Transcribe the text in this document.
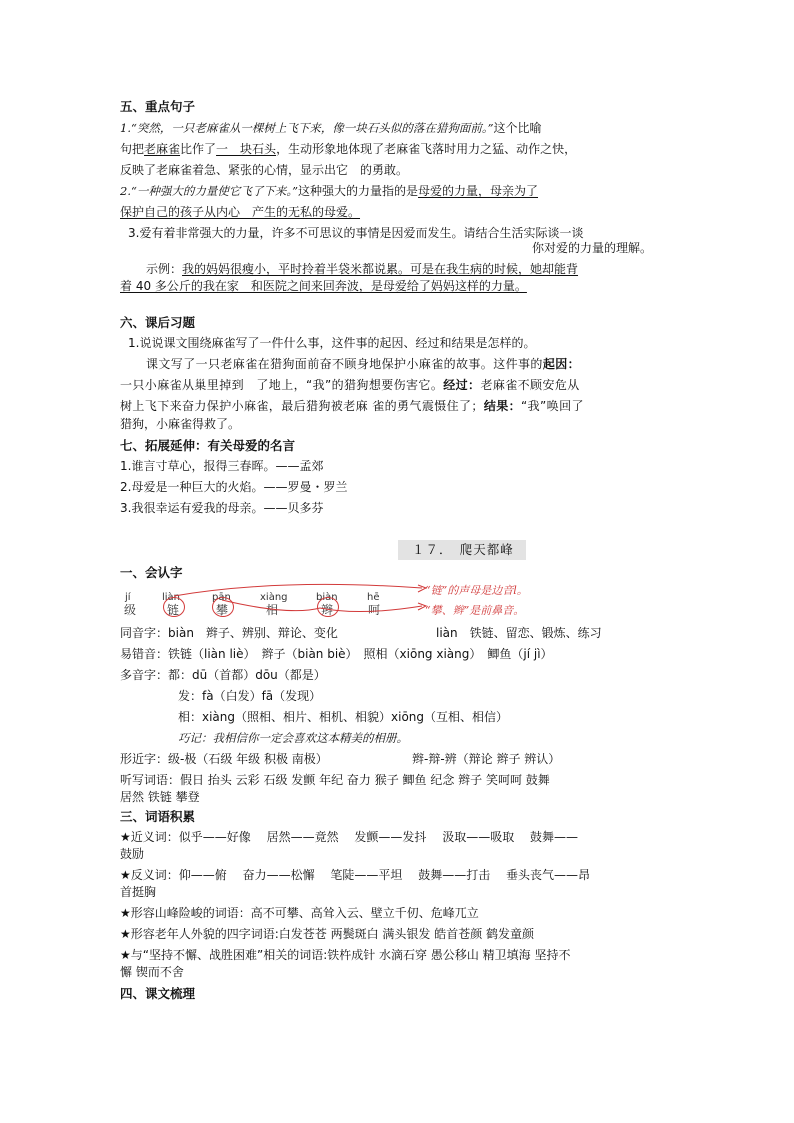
五、重点句子
1.“突然，一只老麻雀从一棵树上飞下来，像一块石头似的落在猎狗面前。”这个比喻
句把老麻雀比作了一　块石头，生动形象地体现了老麻雀飞落时用力之猛、动作之快，
反映了老麻雀着急、紧张的心情，显示出它　的勇敢。
2.“一种强大的力量使它飞了下来。”这种强大的力量指的是母爱的力量，母亲为了
保护自己的孩子从内心　产生的无私的母爱。
3.爱有着非常强大的力量，许多不可思议的事情是因爱而发生。请结合生活实际谈一谈
你对爱的力量的理解。
示例：我的妈妈很瘦小，平时拎着半袋米都说累。可是在我生病的时候，她却能背
着 40 多公斤的我在家　和医院之间来回奔波，是母爱给了妈妈这样的力量。
六、课后习题
1.说说课文围绕麻雀写了一件什么事，这件事的起因、经过和结果是怎样的。
课文写了一只老麻雀在猎狗面前奋不顾身地保护小麻雀的故事。这件事的起因：
一只小麻雀从巢里掉到　了地上，“我”的猎狗想要伤害它。经过：老麻雀不顾安危从
树上飞下来奋力保护小麻雀，最后猎狗被老麻 雀的勇气震慑住了；结果：“我”唤回了
猎狗，小麻雀得救了。
七、拓展延伸：有关母爱的名言
1.谁言寸草心，报得三春晖。——孟郊
2.母爱是一种巨大的火焰。——罗曼・罗兰
3.我很幸运有爱我的母亲。——贝多芬
１７．　爬天都峰
一、会认字
jí	liàn	pān	xiàng	biàn	hē
级	链	攀	相	辫	呵
“链”的声母是边音l。
“攀、辫”是前鼻音。
同音字：biàn　辫子、辨别、辩论、变化	liàn　铁链、留恋、锻炼、练习
易错音：铁链（liàn liè）　辫子（biàn biè）　照相（xiōng xiàng）　鲫鱼（jí jì）
多音字：都：dū（首都）dōu（都是）
发：fà（白发）fā（发现）
相：xiàng（照相、相片、相机、相貌）xiōng（互相、相信）
巧记：我相信你一定会喜欢这本精美的相册。
形近字：级-极（石级 年级 积极 南极）	辫-辩-辨（辩论 辫子 辨认）
听写词语：假日 抬头 云彩 石级 发颤 年纪 奋力 猴子 鲫鱼 纪念 辫子 笑呵呵 鼓舞
居然 铁链 攀登
三、词语积累
★近义词：似乎——好像　 居然——竟然　 发颤——发抖　 汲取——吸取　 鼓舞——
鼓励
★反义词：仰——俯　 奋力——松懈　 笔陡——平坦　 鼓舞——打击　 垂头丧气——昂
首挺胸
★形容山峰险峻的词语：高不可攀、高耸入云、壁立千仞、危峰兀立
★形容老年人外貌的四字词语:白发苍苍 两鬓斑白 满头银发 皓首苍颜 鹤发童颜
★与“坚持不懈、战胜困难”相关的词语:铁杵成针 水滴石穿 愚公移山 精卫填海 坚持不
懈 锲而不舍
四、课文梳理
